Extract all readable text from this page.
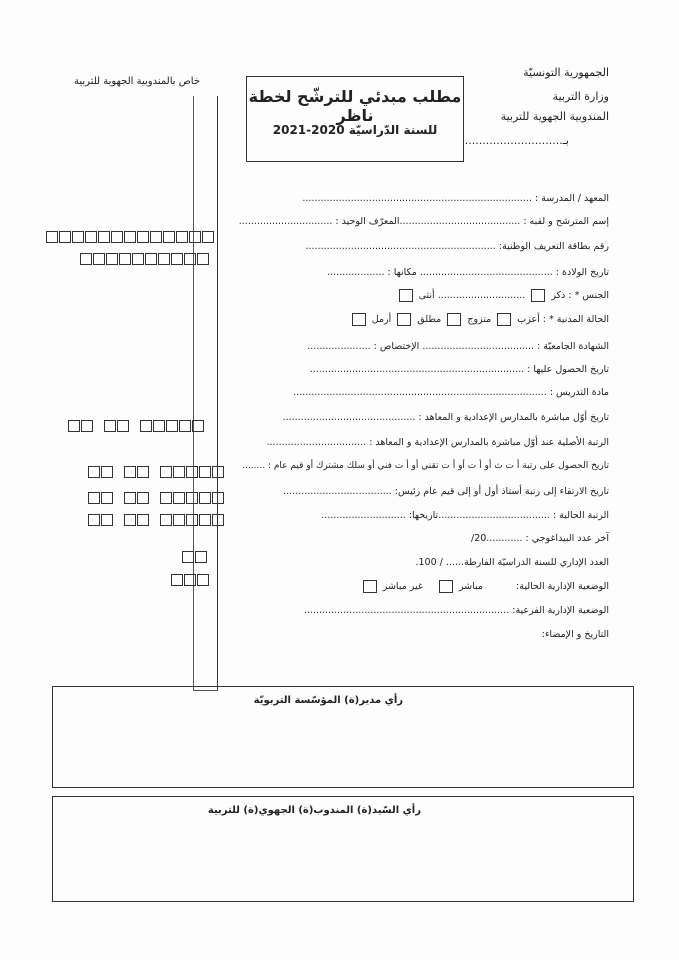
الجمهورية التونسيّة
وزارة التربية
المندوبية الجهوية للتربية
بـ............................
خاص بالمندوبية الجهوية للتربية
مطلب مبدئي للترشّح لخطة ناظر
للسنة الدّراسيّة 2020-2021
المعهد / المدرسة : ............................................................................
إسم المترشح و لقبه : ........................................المعرّف الوحيد : ...............................
رقم بطاقة التعريف الوطنية: ...............................................................
تاريخ الولادة : ............................................ مكانها : ...................
الجنس * : ذكر  ............................. أنثى
الحالة المدنية * : أعزب  متزوج  مطلق  أرمل
الشهادة الجامعيّة : ..................................... الإختصاص : .....................
تاريخ الحصول عليها : .......................................................................
مادة التدريس : ....................................................................................
تاريخ أوّل مباشرة بالمدارس الإعدادية و المعاهد : ............................................
الرتبة الأصلية عند أوّل مباشرة بالمدارس الإعدادية و المعاهد : .................................
تاريخ الحصول على رتبة أ ت ث أو أ ت أو أ ت تقني أو أ ت فني أو سلك مشترك أو قيم عام : ........
تاريخ الارتقاء إلى رتبة أستاذ أول أو إلى قيم عام رئيس: ....................................
الرتبة الحالية : .....................................تاريخها: ............................
آخر عدد البيداغوجي : ............20/
العدد الإداري للسنة الدراسيّة الفارطة...... / 100.
الوضعية الإدارية الحالية: مباشر  غير مباشر
الوضعية الإدارية الفرعية: ....................................................................
التاريخ و الإمضاء:
رأي مدير(ة) المؤسّسة التربويّة
رأي السّيد(ة) المندوب(ة) الجهوي(ة) للتربية
